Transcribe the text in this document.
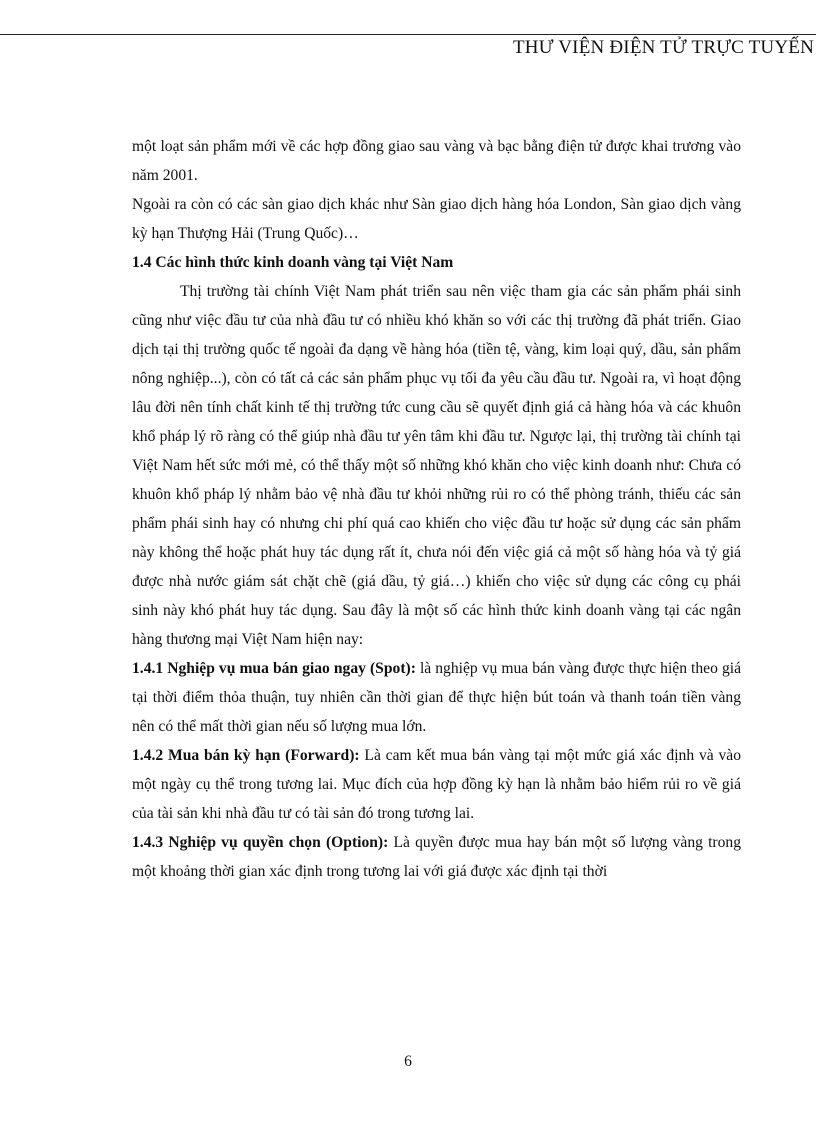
THƯ VIỆN ĐIỆN TỬ TRỰC TUYẾN

một loạt sản phẩm mới về các hợp đồng giao sau vàng và bạc bằng điện tử được khai trương vào năm 2001.

Ngoài ra còn có các sàn giao dịch khác như Sàn giao dịch hàng hóa London, Sàn giao dịch vàng kỳ hạn Thượng Hải (Trung Quốc)…

1.4 Các hình thức kinh doanh vàng tại Việt Nam

Thị trường tài chính Việt Nam phát triển sau nên việc tham gia các sản phẩm phái sinh cũng như việc đầu tư của nhà đầu tư có nhiều khó khăn so với các thị trường đã phát triển. Giao dịch tại thị trường quốc tế ngoài đa dạng về hàng hóa (tiền tệ, vàng, kim loại quý, dầu, sản phẩm nông nghiệp...), còn có tất cả các sản phẩm phục vụ tối đa yêu cầu đầu tư. Ngoài ra, vì hoạt động lâu đời nên tính chất kinh tế thị trường tức cung cầu sẽ quyết định giá cả hàng hóa và các khuôn khổ pháp lý rõ ràng có thể giúp nhà đầu tư yên tâm khi đầu tư. Ngược lại, thị trường tài chính tại Việt Nam hết sức mới mẻ, có thể thấy một số những khó khăn cho việc kinh doanh như: Chưa có khuôn khổ pháp lý nhằm bảo vệ nhà đầu tư khỏi những rủi ro có thể phòng tránh, thiếu các sản phẩm phái sinh hay có nhưng chi phí quá cao khiến cho việc đầu tư hoặc sử dụng các sản phẩm này không thể hoặc phát huy tác dụng rất ít, chưa nói đến việc giá cả một số hàng hóa và tỷ giá được nhà nước giám sát chặt chẽ (giá dầu, tỷ giá…) khiến cho việc sử dụng các công cụ phái sinh này khó phát huy tác dụng. Sau đây là một số các hình thức kinh doanh vàng tại các ngân hàng thương mại Việt Nam hiện nay:

1.4.1 Nghiệp vụ mua bán giao ngay (Spot): là nghiệp vụ mua bán vàng được thực hiện theo giá tại thời điểm thỏa thuận, tuy nhiên cần thời gian để thực hiện bút toán và thanh toán tiền vàng nên có thể mất thời gian nếu số lượng mua lớn.

1.4.2 Mua bán kỳ hạn (Forward): Là cam kết mua bán vàng tại một mức giá xác định và vào một ngày cụ thể trong tương lai. Mục đích của hợp đồng kỳ hạn là nhằm bảo hiểm rủi ro về giá của tài sản khi nhà đầu tư có tài sản đó trong tương lai.

1.4.3 Nghiệp vụ quyền chọn (Option): Là quyền được mua hay bán một số lượng vàng trong một khoảng thời gian xác định trong tương lai với giá được xác định tại thời

6
